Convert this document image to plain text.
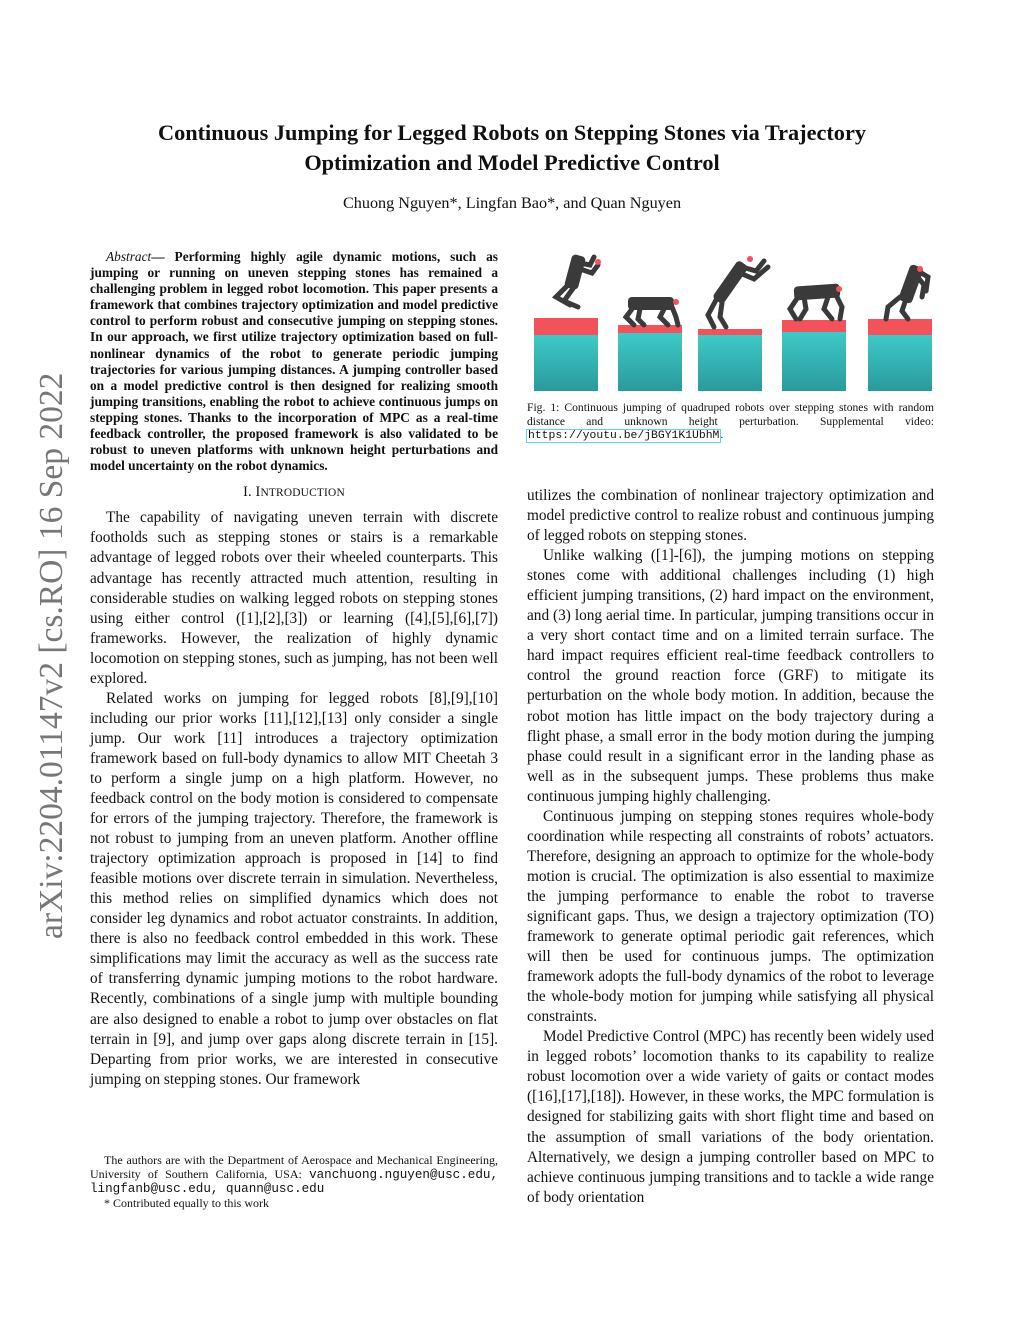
arXiv:2204.01147v2 [cs.RO] 16 Sep 2022
Continuous Jumping for Legged Robots on Stepping Stones via Trajectory
Optimization and Model Predictive Control
Chuong Nguyen*, Lingfan Bao*, and Quan Nguyen

Abstract— Performing highly agile dynamic motions, such as jumping or running on uneven stepping stones has remained a challenging problem in legged robot locomotion. This paper presents a framework that combines trajectory optimization and model predictive control to perform robust and consecutive jumping on stepping stones. In our approach, we first utilize trajectory optimization based on full-nonlinear dynamics of the robot to generate periodic jumping trajectories for various jumping distances. A jumping controller based on a model predictive control is then designed for realizing smooth jumping transitions, enabling the robot to achieve continuous jumps on stepping stones. Thanks to the incorporation of MPC as a real-time feedback controller, the proposed framework is also validated to be robust to uneven platforms with unknown height perturbations and model uncertainty on the robot dynamics.

I. INTRODUCTION

The capability of navigating uneven terrain with discrete footholds such as stepping stones or stairs is a remarkable advantage of legged robots over their wheeled counterparts. This advantage has recently attracted much attention, resulting in considerable studies on walking legged robots on stepping stones using either control ([1],[2],[3]) or learning ([4],[5],[6],[7]) frameworks. However, the realization of highly dynamic locomotion on stepping stones, such as jumping, has not been well explored.

Related works on jumping for legged robots [8],[9],[10] including our prior works [11],[12],[13] only consider a single jump. Our work [11] introduces a trajectory optimization framework based on full-body dynamics to allow MIT Cheetah 3 to perform a single jump on a high platform. However, no feedback control on the body motion is considered to compensate for errors of the jumping trajectory. Therefore, the framework is not robust to jumping from an uneven platform. Another offline trajectory optimization approach is proposed in [14] to find feasible motions over discrete terrain in simulation. Nevertheless, this method relies on simplified dynamics which does not consider leg dynamics and robot actuator constraints. In addition, there is also no feedback control embedded in this work. These simplifications may limit the accuracy as well as the success rate of transferring dynamic jumping motions to the robot hardware. Recently, combinations of a single jump with multiple bounding are also designed to enable a robot to jump over obstacles on flat terrain in [9], and jump over gaps along discrete terrain in [15]. Departing from prior works, we are interested in consecutive jumping on stepping stones. Our framework

The authors are with the Department of Aerospace and Mechanical Engineering, University of Southern California, USA: vanchuong.nguyen@usc.edu, lingfanb@usc.edu, quann@usc.edu

* Contributed equally to this work

Fig. 1: Continuous jumping of quadruped robots over stepping stones with random distance and unknown height perturbation. Supplemental video: https://youtu.be/jBGY1K1UbhM.

utilizes the combination of nonlinear trajectory optimization and model predictive control to realize robust and continuous jumping of legged robots on stepping stones.

Unlike walking ([1]-[6]), the jumping motions on stepping stones come with additional challenges including (1) high efficient jumping transitions, (2) hard impact on the environment, and (3) long aerial time. In particular, jumping transitions occur in a very short contact time and on a limited terrain surface. The hard impact requires efficient real-time feedback controllers to control the ground reaction force (GRF) to mitigate its perturbation on the whole body motion. In addition, because the robot motion has little impact on the body trajectory during a flight phase, a small error in the body motion during the jumping phase could result in a significant error in the landing phase as well as in the subsequent jumps. These problems thus make continuous jumping highly challenging.

Continuous jumping on stepping stones requires whole-body coordination while respecting all constraints of robots’ actuators. Therefore, designing an approach to optimize for the whole-body motion is crucial. The optimization is also essential to maximize the jumping performance to enable the robot to traverse significant gaps. Thus, we design a trajectory optimization (TO) framework to generate optimal periodic gait references, which will then be used for continuous jumps. The optimization framework adopts the full-body dynamics of the robot to leverage the whole-body motion for jumping while satisfying all physical constraints.

Model Predictive Control (MPC) has recently been widely used in legged robots’ locomotion thanks to its capability to realize robust locomotion over a wide variety of gaits or contact modes ([16],[17],[18]). However, in these works, the MPC formulation is designed for stabilizing gaits with short flight time and based on the assumption of small variations of the body orientation. Alternatively, we design a jumping controller based on MPC to achieve continuous jumping transitions and to tackle a wide range of body orientation
